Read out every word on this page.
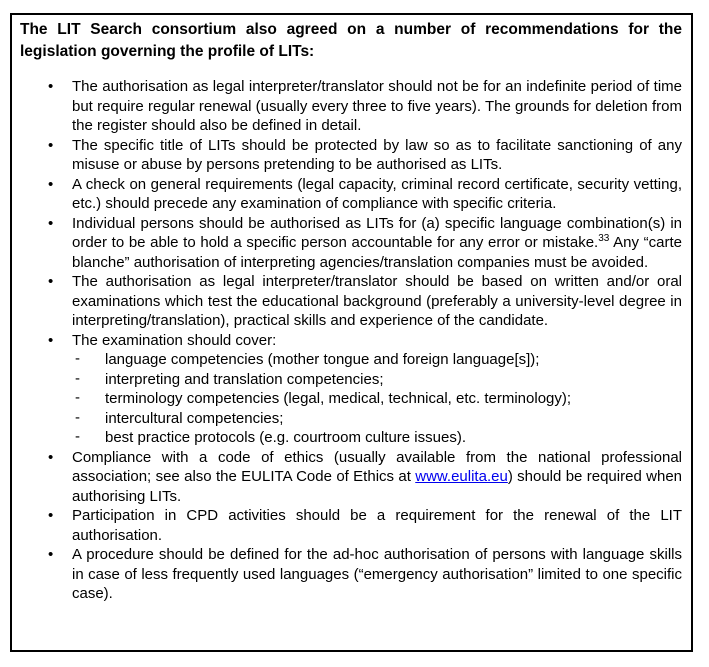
The LIT Search consortium also agreed on a number of recommendations for the legislation governing the profile of LITs:

• The authorisation as legal interpreter/translator should not be for an indefinite period of time but require regular renewal (usually every three to five years). The grounds for deletion from the register should also be defined in detail.
• The specific title of LITs should be protected by law so as to facilitate sanctioning of any misuse or abuse by persons pretending to be authorised as LITs.
• A check on general requirements (legal capacity, criminal record certificate, security vetting, etc.) should precede any examination of compliance with specific criteria.
• Individual persons should be authorised as LITs for (a) specific language combination(s) in order to be able to hold a specific person accountable for any error or mistake.$^{33}$ Any “carte blanche” authorisation of interpreting agencies/translation companies must be avoided.
• The authorisation as legal interpreter/translator should be based on written and/or oral examinations which test the educational background (preferably a university-level degree in interpreting/translation), practical skills and experience of the candidate.
• The examination should cover:
- language competencies (mother tongue and foreign language[s]);
- interpreting and translation competencies;
- terminology competencies (legal, medical, technical, etc. terminology);
- intercultural competencies;
- best practice protocols (e.g. courtroom culture issues).
• Compliance with a code of ethics (usually available from the national professional association; see also the EULITA Code of Ethics at www.eulita.eu) should be required when authorising LITs.
• Participation in CPD activities should be a requirement for the renewal of the LIT authorisation.
• A procedure should be defined for the ad-hoc authorisation of persons with language skills in case of less frequently used languages (“emergency authorisation” limited to one specific case).
